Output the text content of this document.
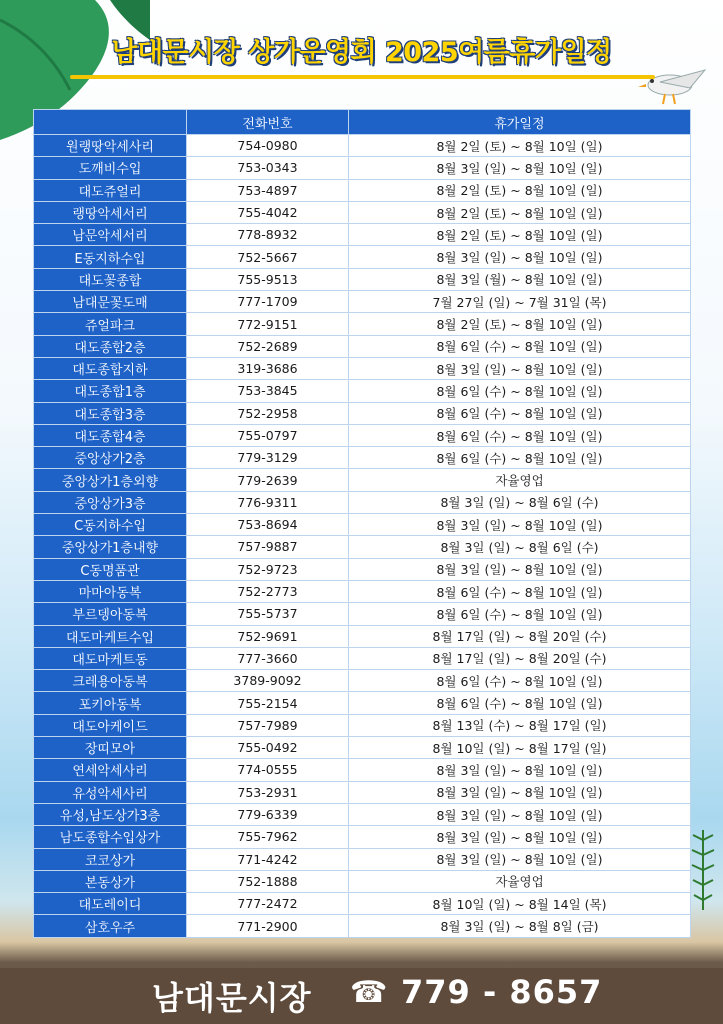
남대문시장 상가운영회 2025여름휴가일정
	전화번호	휴가일정
원랭땅악세사리	754-0980	8월 2일 (토) ~ 8월 10일 (일)
도깨비수입	753-0343	8월 3일 (일) ~ 8월 10일 (일)
대도쥬얼리	753-4897	8월 2일 (토) ~ 8월 10일 (일)
랭땅악세서리	755-4042	8월 2일 (토) ~ 8월 10일 (일)
남문악세서리	778-8932	8월 2일 (토) ~ 8월 10일 (일)
E동지하수입	752-5667	8월 3일 (일) ~ 8월 10일 (일)
대도꽃종합	755-9513	8월 3일 (월) ~ 8월 10일 (일)
남대문꽃도매	777-1709	7월 27일 (일) ~ 7월 31일 (목)
쥬얼파크	772-9151	8월 2일 (토) ~ 8월 10일 (일)
대도종합2층	752-2689	8월 6일 (수) ~ 8월 10일 (일)
대도종합지하	319-3686	8월 3일 (일) ~ 8월 10일 (일)
대도종합1층	753-3845	8월 6일 (수) ~ 8월 10일 (일)
대도종합3층	752-2958	8월 6일 (수) ~ 8월 10일 (일)
대도종합4층	755-0797	8월 6일 (수) ~ 8월 10일 (일)
중앙상가2층	779-3129	8월 6일 (수) ~ 8월 10일 (일)
중앙상가1층외향	779-2639	자율영업
중앙상가3층	776-9311	8월 3일 (일) ~ 8월 6일 (수)
C동지하수입	753-8694	8월 3일 (일) ~ 8월 10일 (일)
중앙상가1층내향	757-9887	8월 3일 (일) ~ 8월 6일 (수)
C동명품관	752-9723	8월 3일 (일) ~ 8월 10일 (일)
마마아동복	752-2773	8월 6일 (수) ~ 8월 10일 (일)
부르뎅아동복	755-5737	8월 6일 (수) ~ 8월 10일 (일)
대도마케트수입	752-9691	8월 17일 (일) ~ 8월 20일 (수)
대도마케트동	777-3660	8월 17일 (일) ~ 8월 20일 (수)
크레용아동복	3789-9092	8월 6일 (수) ~ 8월 10일 (일)
포키아동복	755-2154	8월 6일 (수) ~ 8월 10일 (일)
대도아케이드	757-7989	8월 13일 (수) ~ 8월 17일 (일)
장띠모아	755-0492	8월 10일 (일) ~ 8월 17일 (일)
연세악세사리	774-0555	8월 3일 (일) ~ 8월 10일 (일)
유성악세사리	753-2931	8월 3일 (일) ~ 8월 10일 (일)
유성,남도상가3층	779-6339	8월 3일 (일) ~ 8월 10일 (일)
남도종합수입상가	755-7962	8월 3일 (일) ~ 8월 10일 (일)
코코상가	771-4242	8월 3일 (일) ~ 8월 10일 (일)
본동상가	752-1888	자율영업
대도레이디	777-2472	8월 10일 (일) ~ 8월 14일 (목)
삼호우주	771-2900	8월 3일 (일) ~ 8월 8일 (금)
남대문시장 ☎ 779 - 8657
